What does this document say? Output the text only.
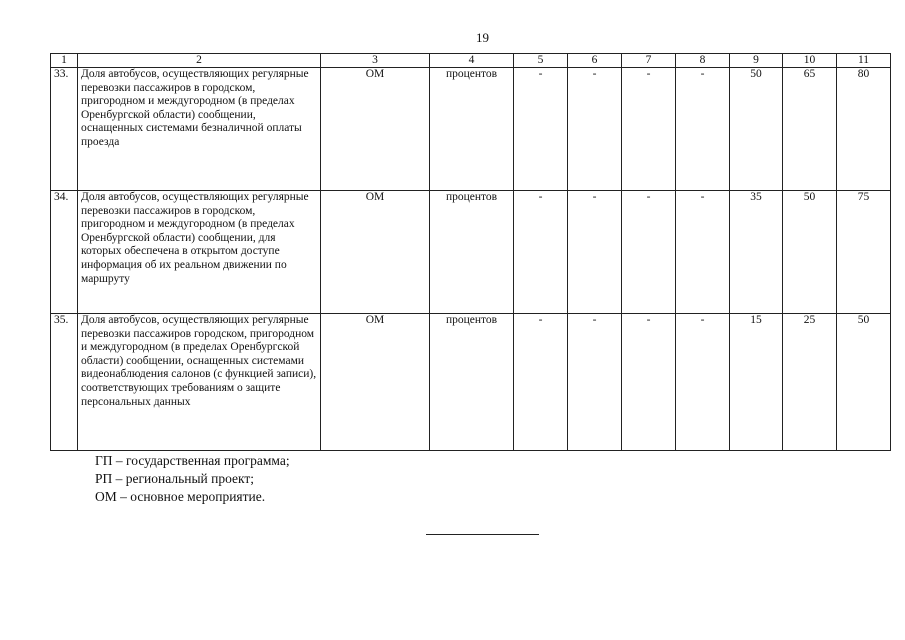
19
1	2	3	4	5	6	7	8	9	10	11
33.	Доля автобусов, осуществляющих регулярные перевозки пассажиров в городском, пригородном и междугородном (в пределах Оренбургской области) сообщении, оснащенных системами безналичной оплаты проезда	ОМ	процентов	-	-	-	-	50	65	80
34.	Доля автобусов, осуществляющих регулярные перевозки пассажиров в городском, пригородном и междугородном (в пределах Оренбургской области) сообщении, для которых обеспечена в открытом доступе информация об их реальном движении по маршруту	ОМ	процентов	-	-	-	-	35	50	75
35.	Доля автобусов, осуществляющих регулярные перевозки пассажиров городском, пригородном и междугородном (в пределах Оренбургской области) сообщении, оснащенных системами видеонаблюдения салонов (с функцией записи), соответствующих требованиям о защите персональных данных	ОМ	процентов	-	-	-	-	15	25	50
ГП – государственная программа;
РП – региональный проект;
ОМ – основное мероприятие.
